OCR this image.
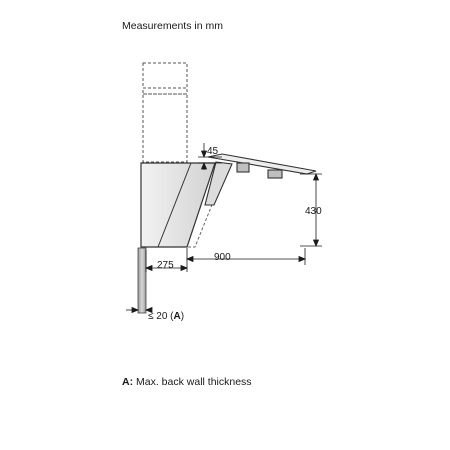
Measurements in mm
45
430
900
275
≤ 20 (A)
A: Max. back wall thickness
